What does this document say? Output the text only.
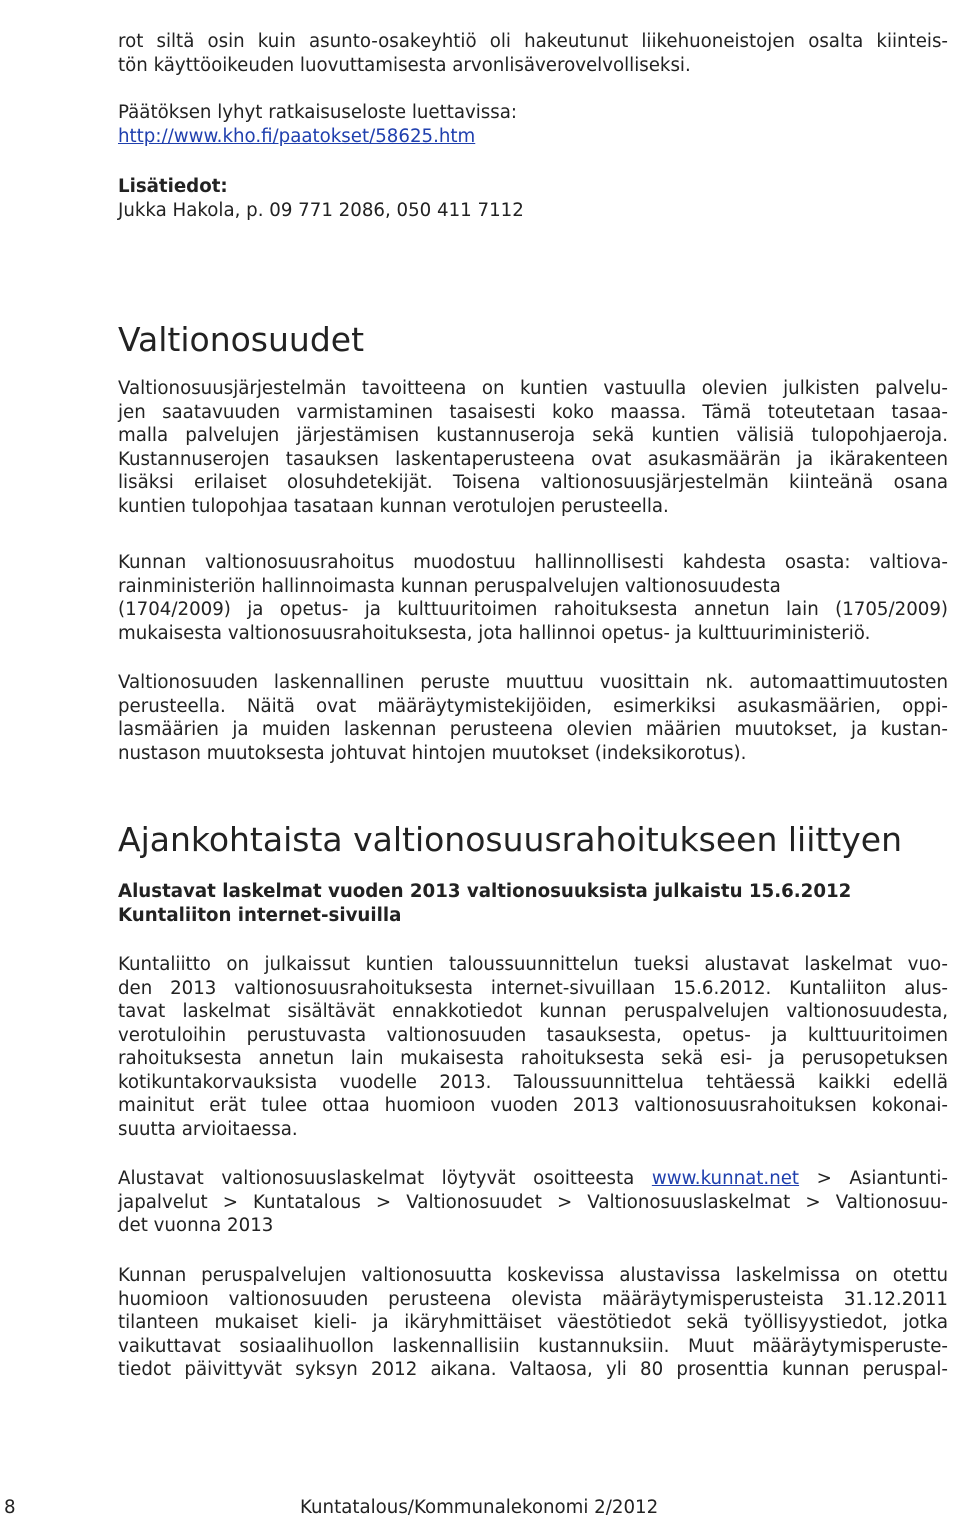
rot siltä osin kuin asunto-osakeyhtiö oli hakeutunut liikehuoneistojen osalta kiinteis-
tön käyttöoikeuden luovuttamisesta arvonlisäverovelvolliseksi.
Päätöksen lyhyt ratkaisuseloste luettavissa:
http://www.kho.fi/paatokset/58625.htm
Lisätiedot:
Jukka Hakola, p. 09 771 2086, 050 411 7112
Valtionosuudet
Valtionosuusjärjestelmän tavoitteena on kuntien vastuulla olevien julkisten palvelu-
jen saatavuuden varmistaminen tasaisesti koko maassa. Tämä toteutetaan tasaa-
malla palvelujen järjestämisen kustannuseroja sekä kuntien välisiä tulopohjaeroja.
Kustannuserojen tasauksen laskentaperusteena ovat asukasmäärän ja ikärakenteen
lisäksi erilaiset olosuhdetekijät. Toisena valtionosuusjärjestelmän kiinteänä osana
kuntien tulopohjaa tasataan kunnan verotulojen perusteella.
Kunnan valtionosuusrahoitus muodostuu hallinnollisesti kahdesta osasta: valtiova-
rainministeriön hallinnoimasta kunnan peruspalvelujen valtionosuudesta
(1704/2009) ja opetus- ja kulttuuritoimen rahoituksesta annetun lain (1705/2009)
mukaisesta valtionosuusrahoituksesta, jota hallinnoi opetus- ja kulttuuriministeriö.
Valtionosuuden laskennallinen peruste muuttuu vuosittain nk. automaattimuutosten
perusteella. Näitä ovat määräytymistekijöiden, esimerkiksi asukasmäärien, oppi-
lasmäärien ja muiden laskennan perusteena olevien määrien muutokset, ja kustan-
nustason muutoksesta johtuvat hintojen muutokset (indeksikorotus).
Ajankohtaista valtionosuusrahoitukseen liittyen
Alustavat laskelmat vuoden 2013 valtionosuuksista julkaistu 15.6.2012
Kuntaliiton internet-sivuilla
Kuntaliitto on julkaissut kuntien taloussuunnittelun tueksi alustavat laskelmat vuo-
den 2013 valtionosuusrahoituksesta internet-sivuillaan 15.6.2012. Kuntaliiton alus-
tavat laskelmat sisältävät ennakkotiedot kunnan peruspalvelujen valtionosuudesta,
verotuloihin perustuvasta valtionosuuden tasauksesta, opetus- ja kulttuuritoimen
rahoituksesta annetun lain mukaisesta rahoituksesta sekä esi- ja perusopetuksen
kotikuntakorvauksista vuodelle 2013. Taloussuunnittelua tehtäessä kaikki edellä
mainitut erät tulee ottaa huomioon vuoden 2013 valtionosuusrahoituksen kokonai-
suutta arvioitaessa.
Alustavat valtionosuuslaskelmat löytyvät osoitteesta www.kunnat.net > Asiantunti-
japalvelut > Kuntatalous > Valtionosuudet > Valtionosuuslaskelmat > Valtionosuu-
det vuonna 2013
Kunnan peruspalvelujen valtionosuutta koskevissa alustavissa laskelmissa on otettu
huomioon valtionosuuden perusteena olevista määräytymisperusteista 31.12.2011
tilanteen mukaiset kieli- ja ikäryhmittäiset väestötiedot sekä työllisyystiedot, jotka
vaikuttavat sosiaalihuollon laskennallisiin kustannuksiin. Muut määräytymisperuste-
tiedot päivittyvät syksyn 2012 aikana. Valtaosa, yli 80 prosenttia kunnan peruspal-
8	Kuntatalous/Kommunalekonomi 2/2012
